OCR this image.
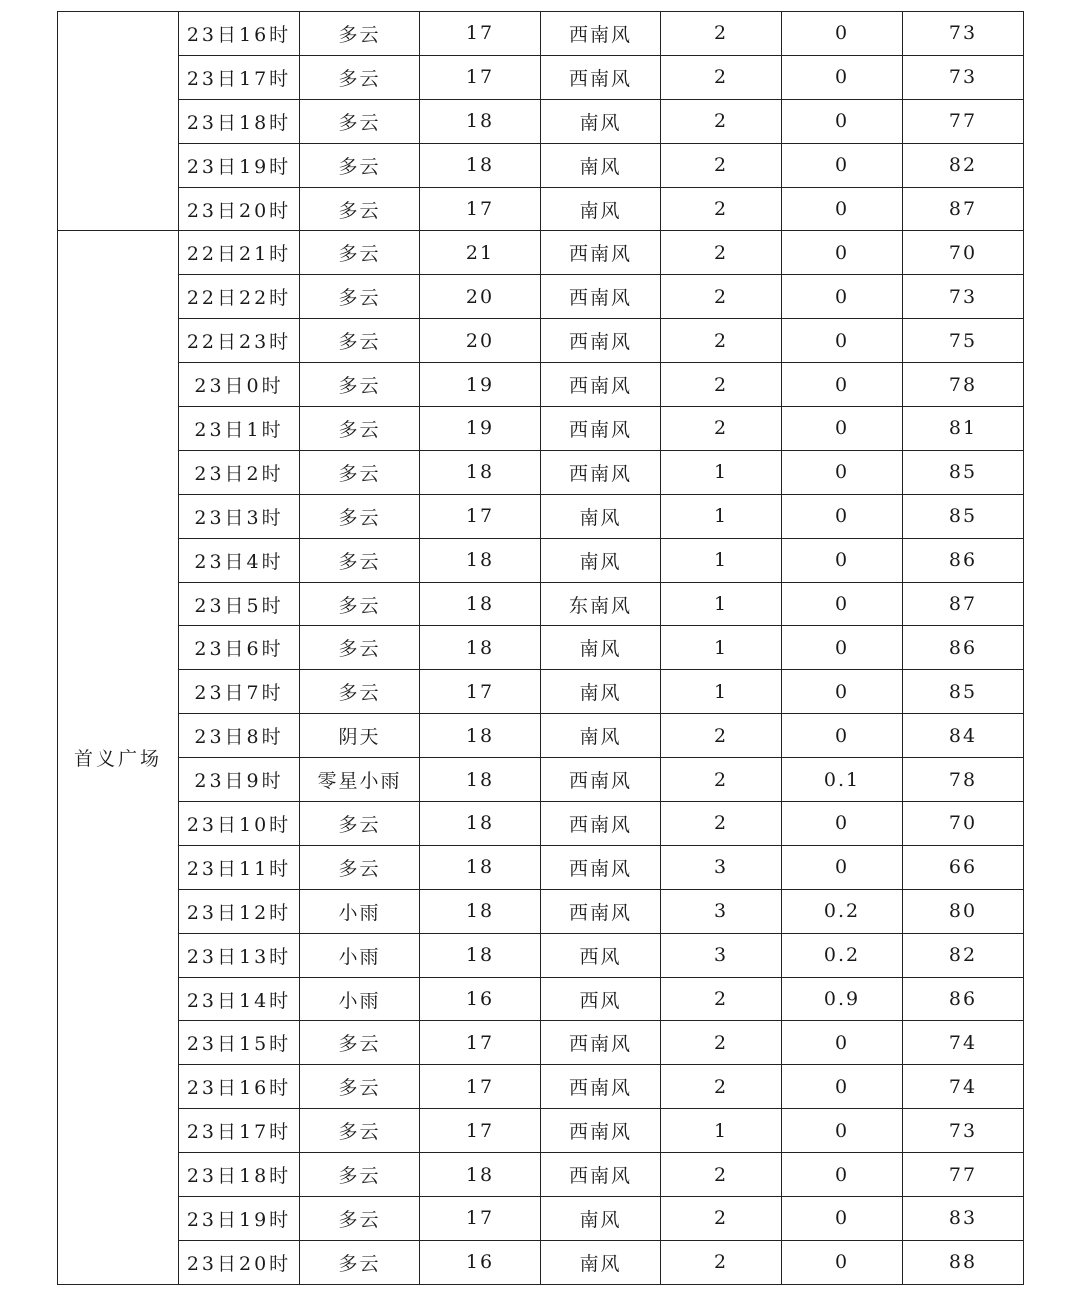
	23日16时	多云	17	西南风	2	0	73
	23日17时	多云	17	西南风	2	0	73
	23日18时	多云	18	南风	2	0	77
	23日19时	多云	18	南风	2	0	82
	23日20时	多云	17	南风	2	0	87
首义广场	22日21时	多云	21	西南风	2	0	70
	22日22时	多云	20	西南风	2	0	73
	22日23时	多云	20	西南风	2	0	75
	23日0时	多云	19	西南风	2	0	78
	23日1时	多云	19	西南风	2	0	81
	23日2时	多云	18	西南风	1	0	85
	23日3时	多云	17	南风	1	0	85
	23日4时	多云	18	南风	1	0	86
	23日5时	多云	18	东南风	1	0	87
	23日6时	多云	18	南风	1	0	86
	23日7时	多云	17	南风	1	0	85
	23日8时	阴天	18	南风	2	0	84
	23日9时	零星小雨	18	西南风	2	0.1	78
	23日10时	多云	18	西南风	2	0	70
	23日11时	多云	18	西南风	3	0	66
	23日12时	小雨	18	西南风	3	0.2	80
	23日13时	小雨	18	西风	3	0.2	82
	23日14时	小雨	16	西风	2	0.9	86
	23日15时	多云	17	西南风	2	0	74
	23日16时	多云	17	西南风	2	0	74
	23日17时	多云	17	西南风	1	0	73
	23日18时	多云	18	西南风	2	0	77
	23日19时	多云	17	南风	2	0	83
	23日20时	多云	16	南风	2	0	88
